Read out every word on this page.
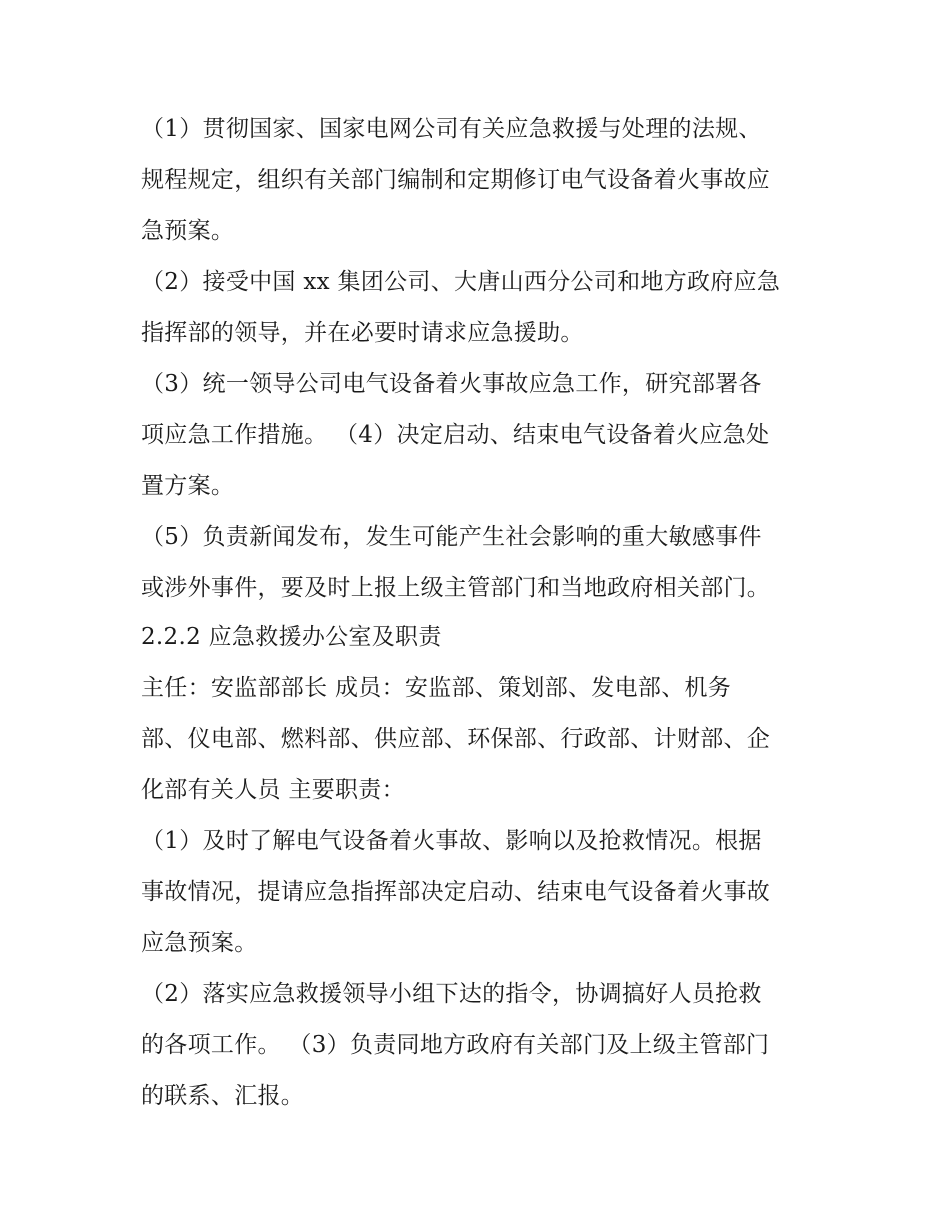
（1）贯彻国家、国家电网公司有关应急救援与处理的法规、

规程规定，组织有关部门编制和定期修订电气设备着火事故应

急预案。

（2）接受中国 xx 集团公司、大唐山西分公司和地方政府应急

指挥部的领导，并在必要时请求应急援助。

（3）统一领导公司电气设备着火事故应急工作，研究部署各

项应急工作措施。 （4）决定启动、结束电气设备着火应急处

置方案。

（5）负责新闻发布，发生可能产生社会影响的重大敏感事件

或涉外事件，要及时上报上级主管部门和当地政府相关部门。

2.2.2 应急救援办公室及职责

主任：安监部部长 成员：安监部、策划部、发电部、机务

部、仪电部、燃料部、供应部、环保部、行政部、计财部、企

化部有关人员 主要职责：

（1）及时了解电气设备着火事故、影响以及抢救情况。根据

事故情况，提请应急指挥部决定启动、结束电气设备着火事故

应急预案。

（2）落实应急救援领导小组下达的指令，协调搞好人员抢救

的各项工作。 （3）负责同地方政府有关部门及上级主管部门

的联系、汇报。
